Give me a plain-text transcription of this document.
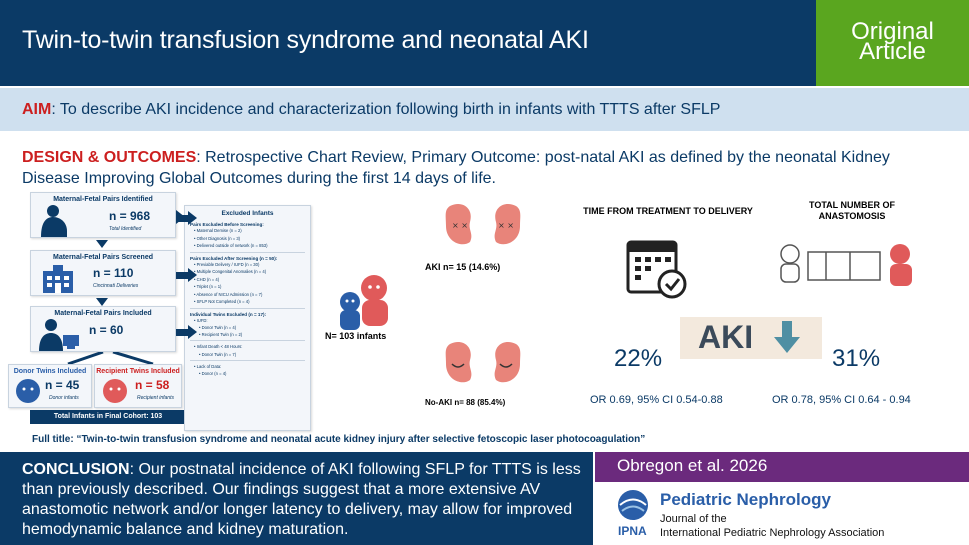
Twin-to-twin transfusion syndrome and neonatal AKI	Original
Article
AIM: To describe AKI incidence and characterization following birth in infants with TTTS after SFLP
DESIGN & OUTCOMES: Retrospective Chart Review, Primary Outcome: post-natal AKI as defined by the neonatal Kidney Disease Improving Global Outcomes during the first 14 days of life.
Maternal-Fetal Pairs Identified
n = 968
Total Identified
Maternal-Fetal Pairs Screened
n = 110
Cincinnati Deliveries
Maternal-Fetal Pairs Included
n = 60
Donor Twins Included
n = 45
Donor infants
Recipient Twins Included
n = 58
Recipient infants
Total Infants in Final Cohort: 103
Excluded Infants
Pairs Excluded Before Screening:
• Maternal Demise (n = 2)
• Other Diagnosis (n = 3)
• Delivered outside of network (n = 853)
Pairs Excluded After Screening (n = 50):
• Previable Delivery / IUFD (n = 30)
Multiple Congenital Anomalies (n = 4)
CHD (n = 4)
• Triplet (n = 1)
• Absence of NICU Admission (n = 7)
• SFLP Not Completed (n = 4)
Individual Twins Excluded (n = 17):
• IUFD:
• Donor Twin (n = 4)
• Recipient Twin (n = 2)
• Infant Death < 48 Hours:
• Donor Twin (n = 7)
• Lack of Data:
• Donor (n = 4)
N= 103 infants
× ×	× ×
AKI n= 15 (14.6%)
No-AKI n= 88 (85.4%)
TIME FROM TREATMENT TO DELIVERY
TOTAL NUMBER OF
ANASTOMOSIS
AKI
22%	31%
OR 0.69, 95% CI 0.54-0.88	OR 0.78, 95% CI 0.64 - 0.94
Full title: “Twin-to-twin transfusion syndrome and neonatal acute kidney injury after selective fetoscopic laser photocoagulation”
CONCLUSION: Our postnatal incidence of AKI following SFLP for TTTS is less than previously described. Our findings suggest that a more extensive AV anastomotic network and/or longer latency to delivery, may allow for improved hemodynamic balance and kidney maturation.
Obregon et al. 2026
IPNA
Pediatric Nephrology
Journal of the
International Pediatric Nephrology Association
